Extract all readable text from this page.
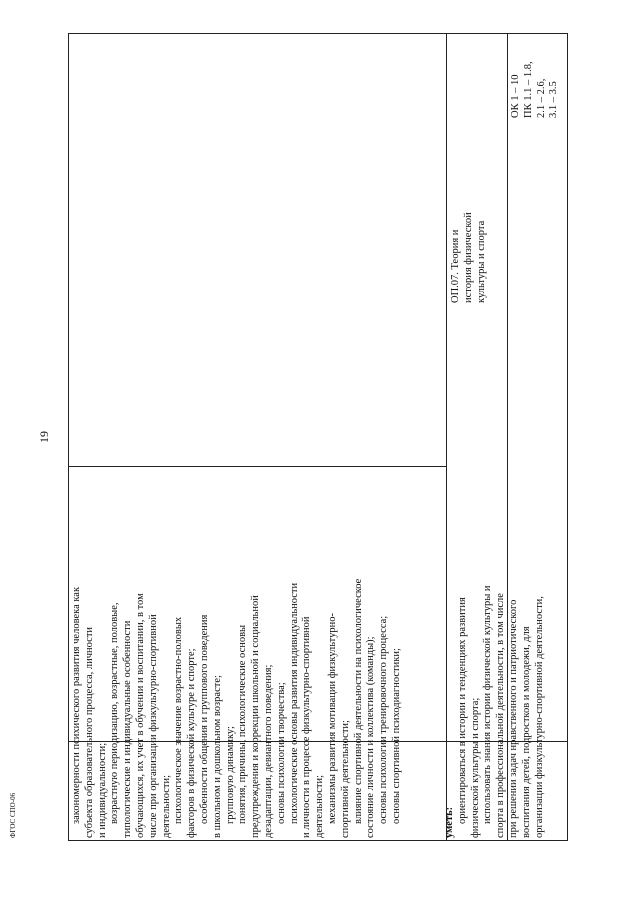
19
ФГОС СПО-06	закономерности психического развития человека как субъекта образовательного процесса, личности и индивидуальности; возрастную периодизацию, возрастные, половые, типологические и индивидуальные особенности обучающихся, их учет в обучении и воспитании, в том числе при организации физкультурно-спортивной деятельности; психологическое значение возрастно-половых факторов в физической культуре и спорте; особенности общения и группового поведения в школьном и дошкольном возрасте; групповую динамику; понятия, причины, психологические основы предупреждения и коррекции школьной и социальной дезадаптации, девиантного поведения; основы психологии творчества; психологические основы развития индивидуальности и личности в процессе физкультурно-спортивной деятельности; механизмы развития мотивации физкультурно- спортивной деятельности; влияние спортивной деятельности на психологическое состояние личности и коллектива (команды); основы психологии тренировочного процесса; основы спортивной психодиагностики;	уметь: ориентироваться в истории и тенденциях развития физической культуры и спорта; использовать знания истории физической культуры и спорта в профессиональной деятельности, в том числе при решении задач нравственного и патриотического воспитания детей, подростков и молодежи, для организации физкультурно-спортивной деятельности,

ОП.07. Теория и история физической культуры и спорта

ОК 1 – 10 ПК 1.1 – 1.8, 2.1 – 2.6, 3.1 – 3.5
